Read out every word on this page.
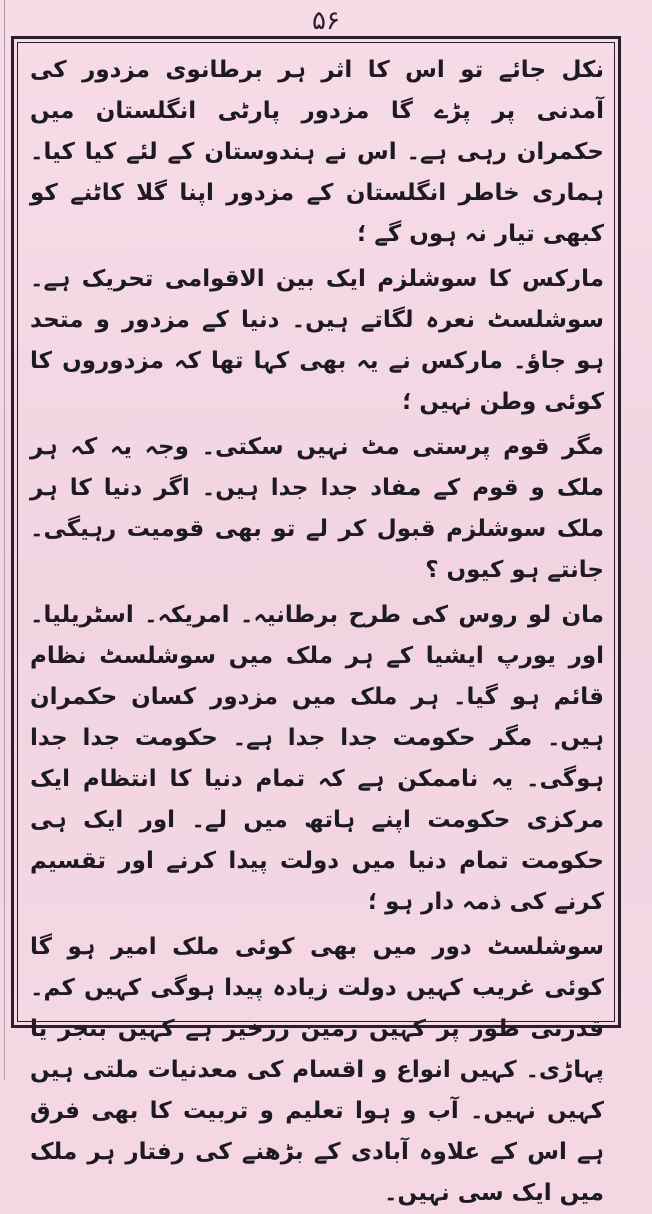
۵۶

نکل جائے تو اس کا اثر ہر برطانوی مزدور کی آمدنی پر پڑے گا مزدور پارٹی انگلستان میں حکمران رہی ہے۔ اس نے ہندوستان کے لئے کیا کیا۔ ہماری خاطر انگلستان کے مزدور اپنا گلا کاٹنے کو کبھی تیار نہ ہوں گے ؛

مارکس کا سوشلزم ایک بین الاقوامی تحریک ہے۔ سوشلسٹ نعرہ لگاتے ہیں۔ دنیا کے مزدور و متحد ہو جاؤ۔ مارکس نے یہ بھی کہا تھا کہ مزدوروں کا کوئی وطن نہیں ؛

مگر قوم پرستی مٹ نہیں سکتی۔ وجہ یہ کہ ہر ملک و قوم کے مفاد جدا جدا ہیں۔ اگر دنیا کا ہر ملک سوشلزم قبول کر لے تو بھی قومیت رہیگی۔ جانتے ہو کیوں ؟

مان لو روس کی طرح برطانیہ۔ امریکہ۔ اسٹریلیا۔ اور یورپ ایشیا کے ہر ملک میں سوشلسٹ نظام قائم ہو گیا۔ ہر ملک میں مزدور کسان حکمران ہیں۔ مگر حکومت جدا جدا ہے۔ حکومت جدا جدا ہوگی۔ یہ ناممکن ہے کہ تمام دنیا کا انتظام ایک مرکزی حکومت اپنے ہاتھ میں لے۔ اور ایک ہی حکومت تمام دنیا میں دولت پیدا کرنے اور تقسیم کرنے کی ذمہ دار ہو ؛

سوشلسٹ دور میں بھی کوئی ملک امیر ہو گا کوئی غریب کہیں دولت زیادہ پیدا ہوگی کہیں کم۔ قدرتی طور پر کہیں زمین زرخیز ہے کہیں بنجر یا پہاڑی۔ کہیں انواع و اقسام کی معدنیات ملتی ہیں کہیں نہیں۔ آب و ہوا تعلیم و تربیت کا بھی فرق ہے اس کے علاوہ آبادی کے بڑھنے کی رفتار ہر ملک میں ایک سی نہیں۔
